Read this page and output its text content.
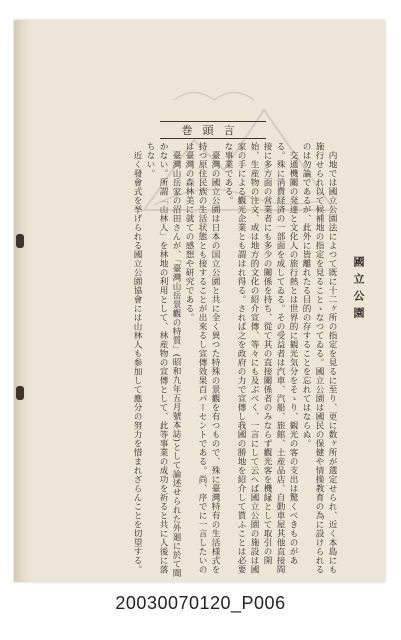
巻頭言
國立公園

内地では國立公園法によつて既に十二ヶ所の指定を見るに至り、更に数ヶ所が選定せられ、近く本島にも施行せられ以て候補地の指定を見ることゝなつてゐる。國立公園は國民の保健や情操教育の為に設けられるのは勿論であるが、此外に皆離れたる目的の存することを忘れてはならぬ。

交通機關の発達と文化人の旅行熱とは世界的に観光気分をそゝり、観光の客の支出は驚くべきものがある。殊に消費経済の一部面を成してゐる。その受益者は汽車、汽船、旅館、土産品店、自動車屋其他直接間接に多方面の営業者にも多少の關係を持ち、從て其の直接關係者のみならず觀光客を機縁として取引の開始、生産物の注文、或は地方的文化の紹介宣傳、等々にも及ぶべく、一言にして云へば國立公園の施設は國家の手による觀光企業とも謂はれ得る。されば之を政府の力で宣傳し我國の勝地を紹介して貰ふことは必要な事業である。

臺灣の國立公園は日本の国立公園と共に全く異つた特殊の景觀を有つもので、殊に臺灣特有の生活様式を持つ原住民族の生活状態とも接することが出來るし宣傳效果百パーセントである。尚、序でに一言したいのは臺灣の森林美に就ての感想や研究である。

臺灣山岳家の沼田さんが、「臺灣山岳景觀の特質」(昭和九年五月號本誌)として論述せられた外廻に於て聞かない。所謂「山林人」を林地の利用として、林産物の宣傳として、此等事業の成功を祈ると共に人後に落ちない。

近く發會式を挙げられる國立公園協會には山林人も参加して應分の努力を惜まれざらんことを切望する。

20030070120_P006
